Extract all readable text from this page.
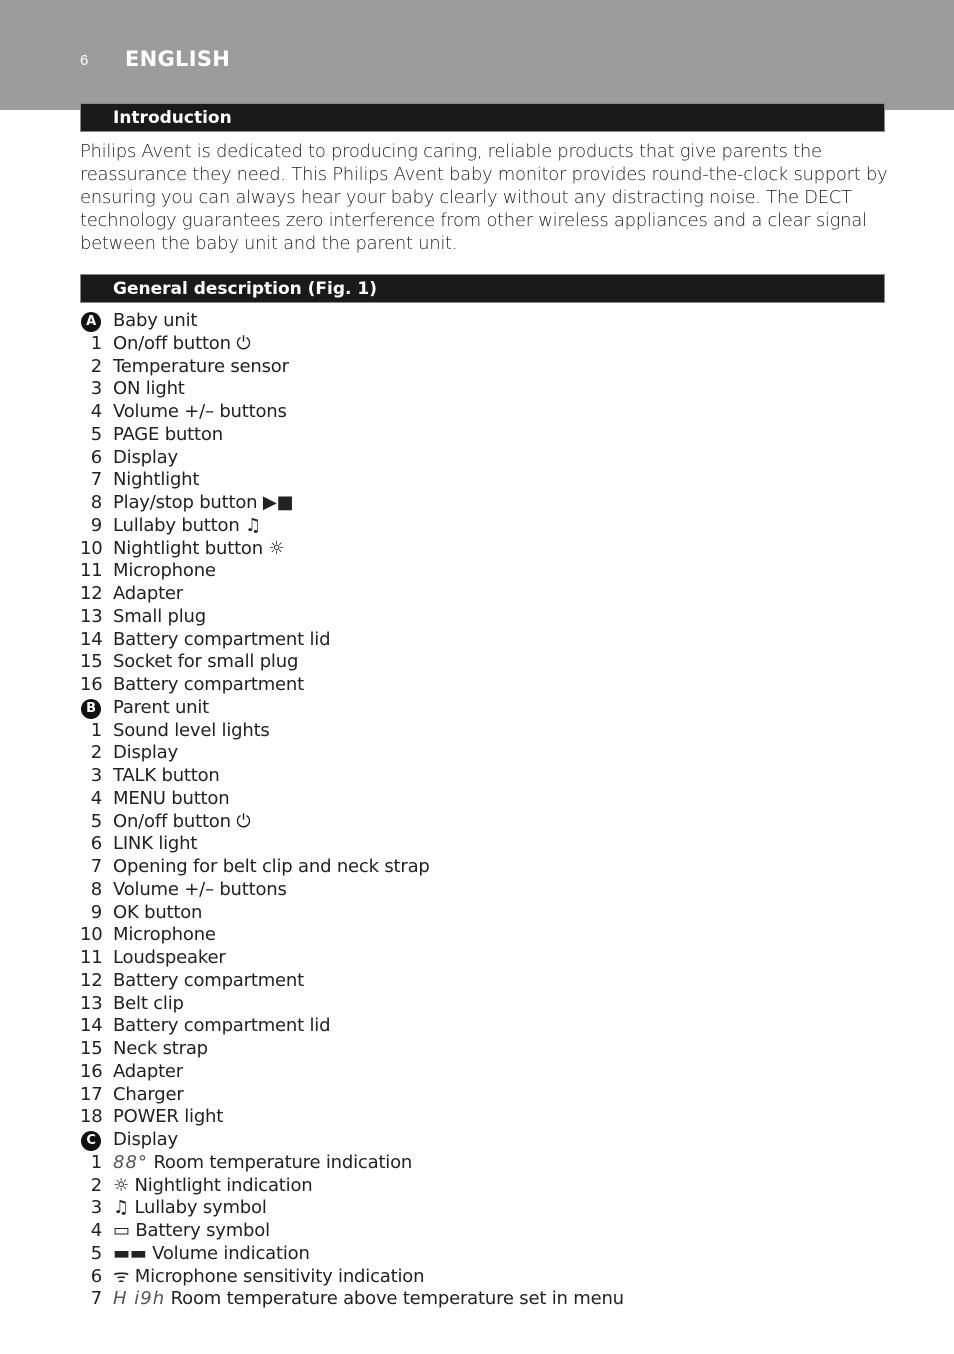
6 ENGLISH
Introduction

Philips Avent is dedicated to producing caring, reliable products that give parents the reassurance they need. This Philips Avent baby monitor provides round-the-clock support by ensuring you can always hear your baby clearly without any distracting noise. The DECT technology guarantees zero interference from other wireless appliances and a clear signal between the baby unit and the parent unit.

General description (Fig. 1)
A Baby unit
1 On/off button ⏻
2 Temperature sensor
3 ON light
4 Volume +/– buttons
5 PAGE button
6 Display
7 Nightlight
8 Play/stop button ▶■
9 Lullaby button ♫
10 Nightlight button ☼
11 Microphone
12 Adapter
13 Small plug
14 Battery compartment lid
15 Socket for small plug
16 Battery compartment
B Parent unit
1 Sound level lights
2 Display
3 TALK button
4 MENU button
5 On/off button ⏻
6 LINK light
7 Opening for belt clip and neck strap
8 Volume +/– buttons
9 OK button
10 Microphone
11 Loudspeaker
12 Battery compartment
13 Belt clip
14 Battery compartment lid
15 Neck strap
16 Adapter
17 Charger
18 POWER light
C Display
1 88° Room temperature indication
2 ☼ Nightlight indication
3 ♫ Lullaby symbol
4 ▭ Battery symbol
5 ▬▬ Volume indication
6 ᯤ Microphone sensitivity indication
7 H i9h Room temperature above temperature set in menu
